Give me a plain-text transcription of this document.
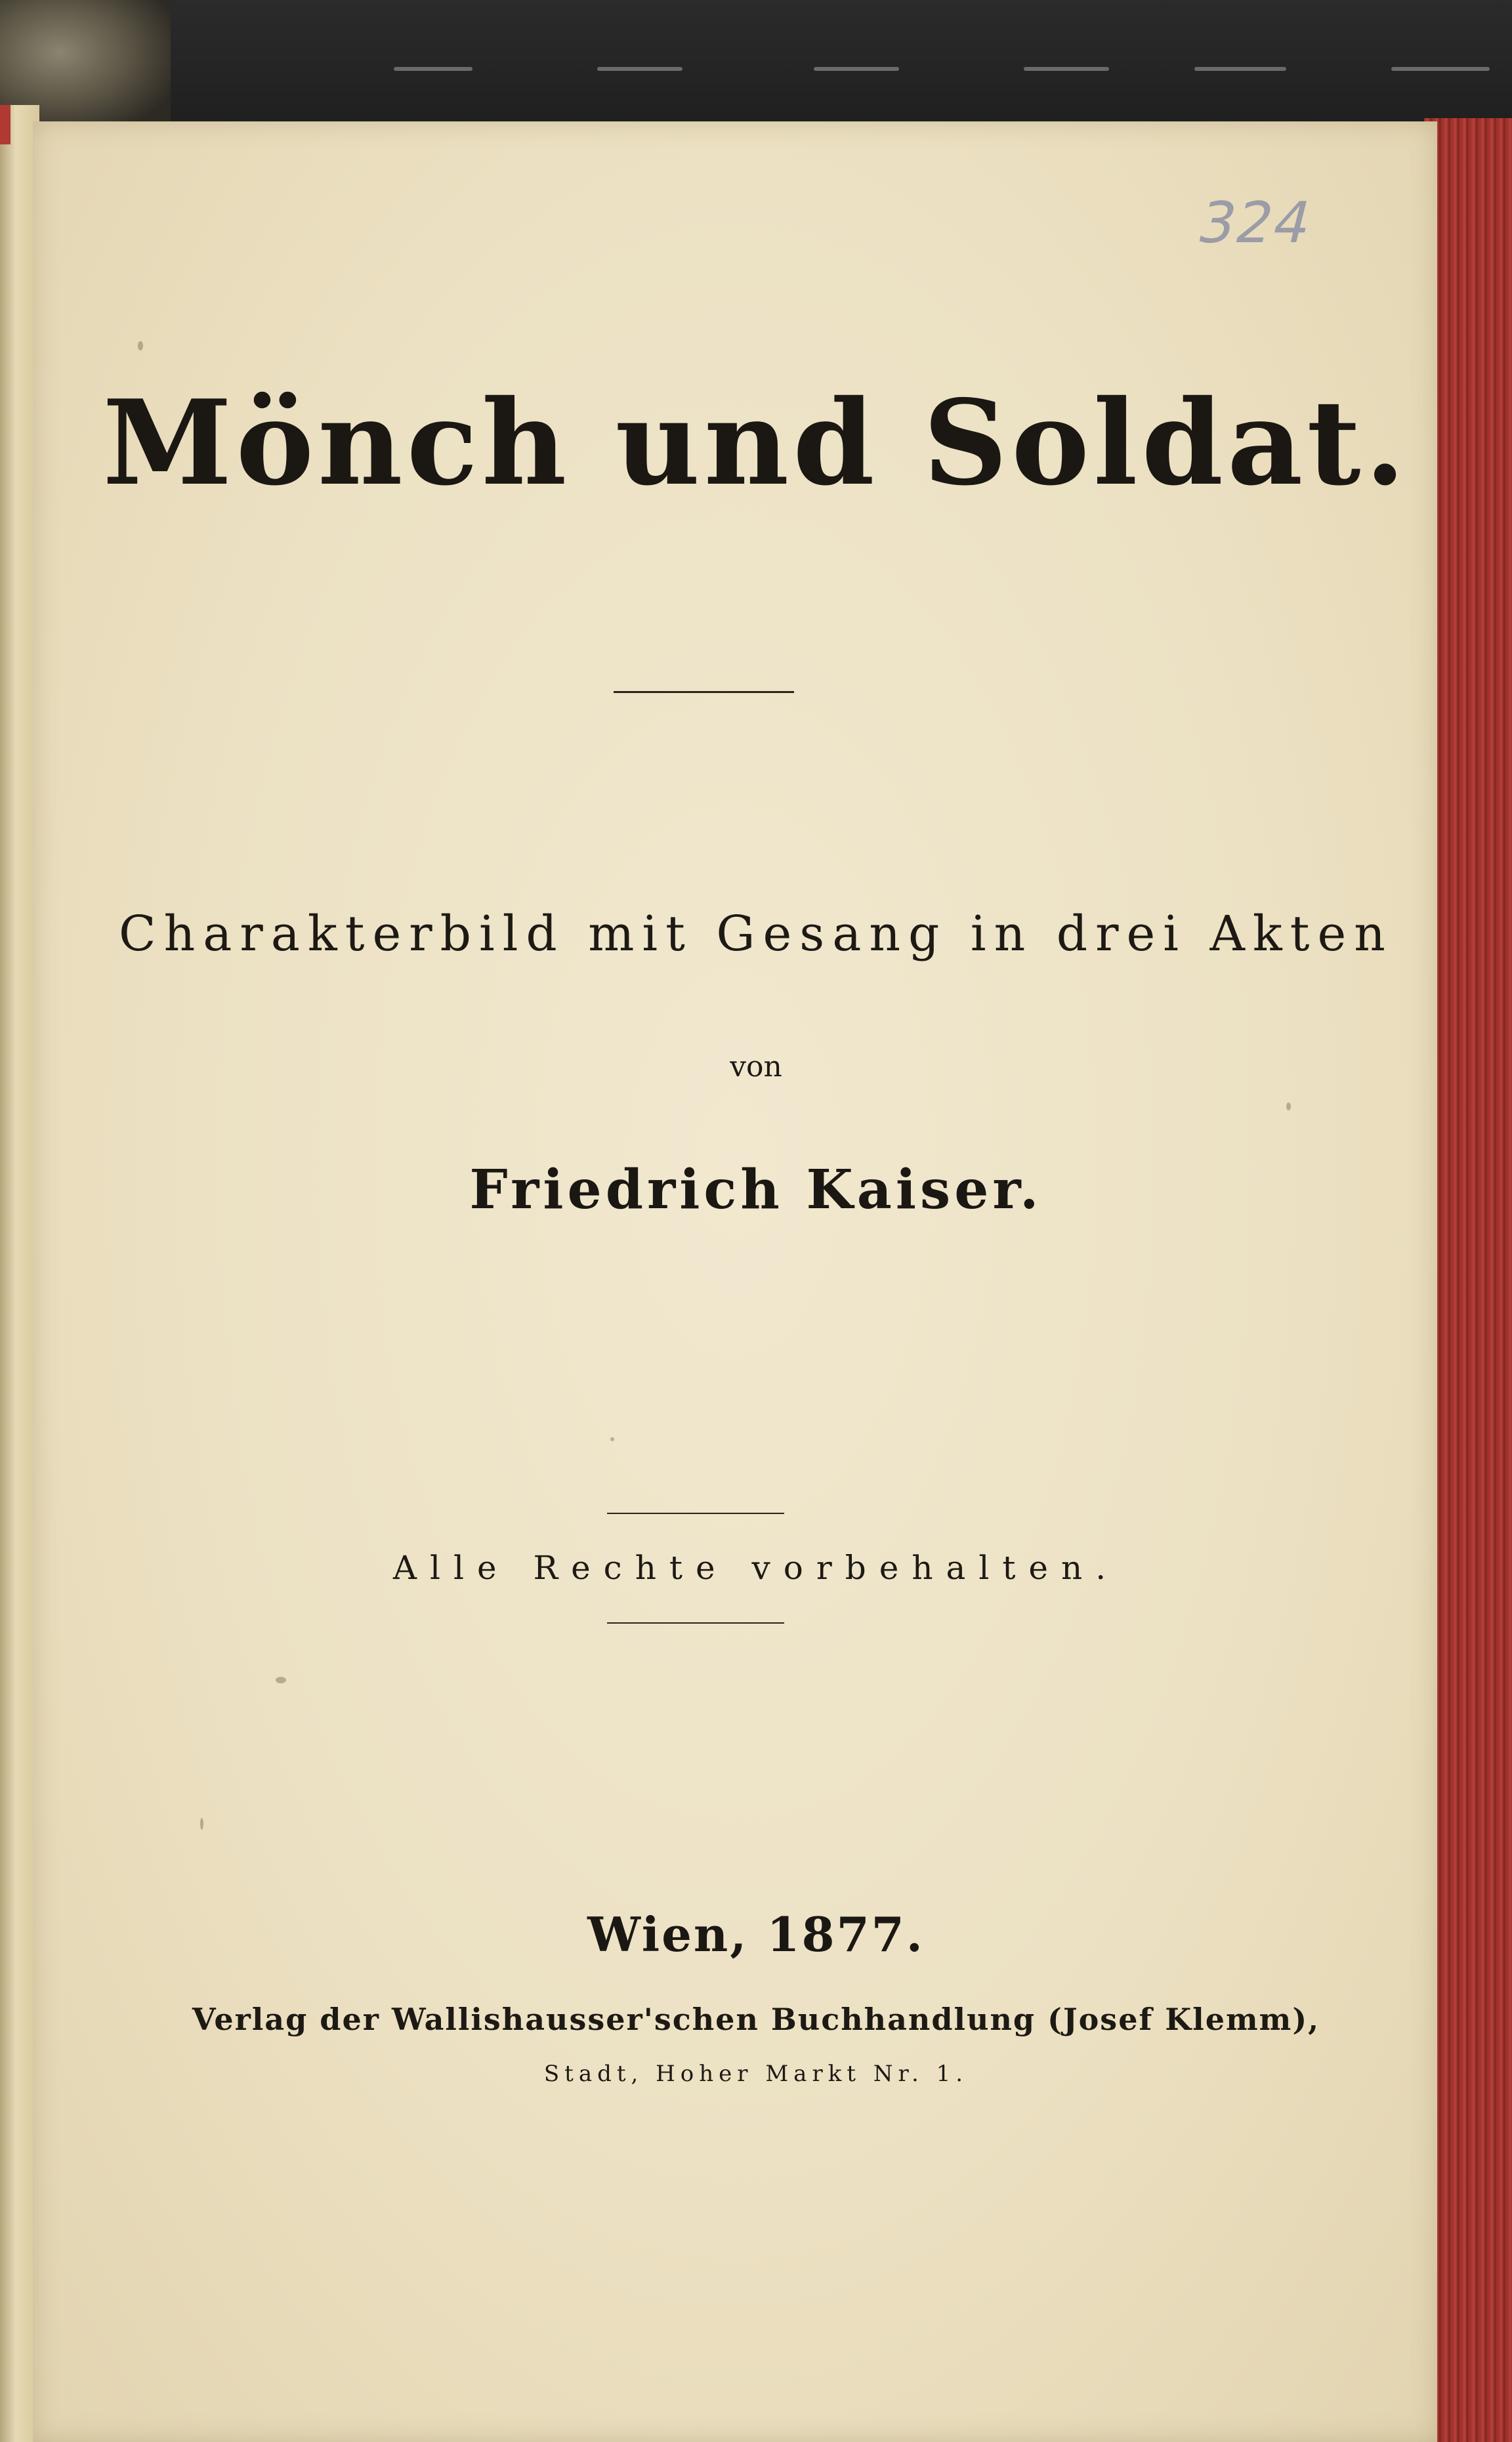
324
Mönch und Soldat.
Charakterbild mit Gesang in drei Akten
von
Friedrich Kaiser.
Alle Rechte vorbehalten.
Wien, 1877.
Verlag der Wallishausser'schen Buchhandlung (Josef Klemm),
Stadt, Hoher Markt Nr. 1.
